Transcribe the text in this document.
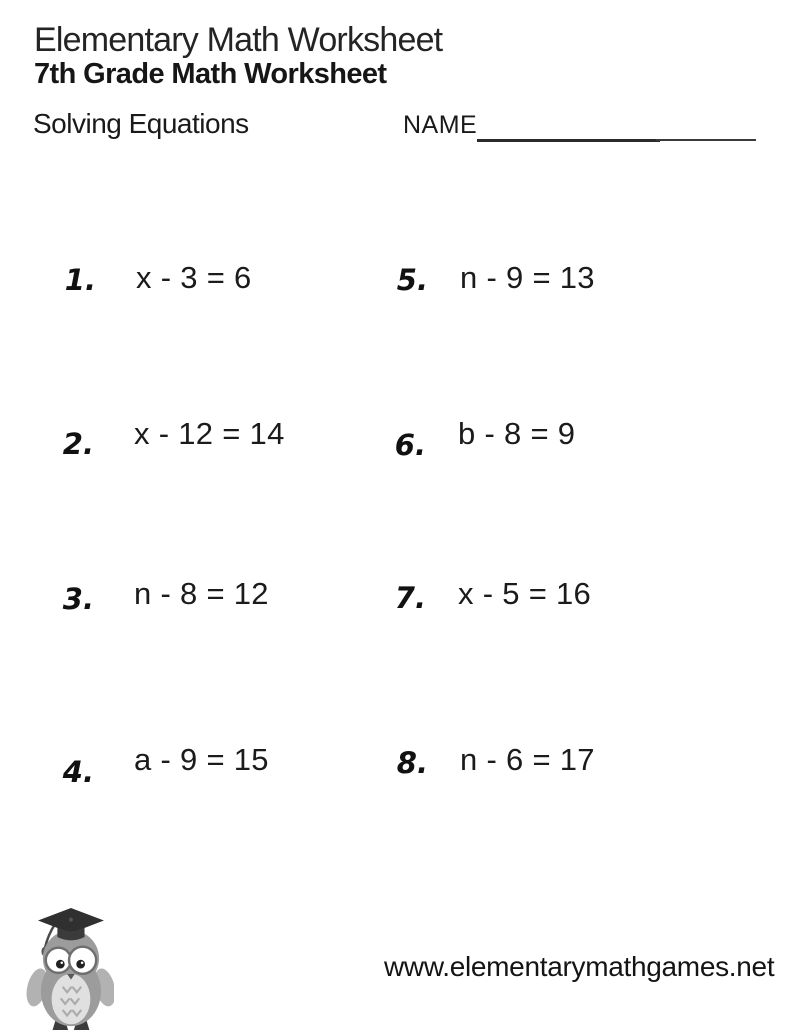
Elementary Math Worksheet
7th Grade Math Worksheet
Solving Equations	NAME
1. x - 3 = 6
2. x - 12 = 14
3. n - 8 = 12
4. a - 9 = 15
5. n - 9 = 13
6. b - 8 = 9
7. x - 5 = 16
8. n - 6 = 17
ELEMENTARY
MATH GAMES
www.elementarymathgames.net
